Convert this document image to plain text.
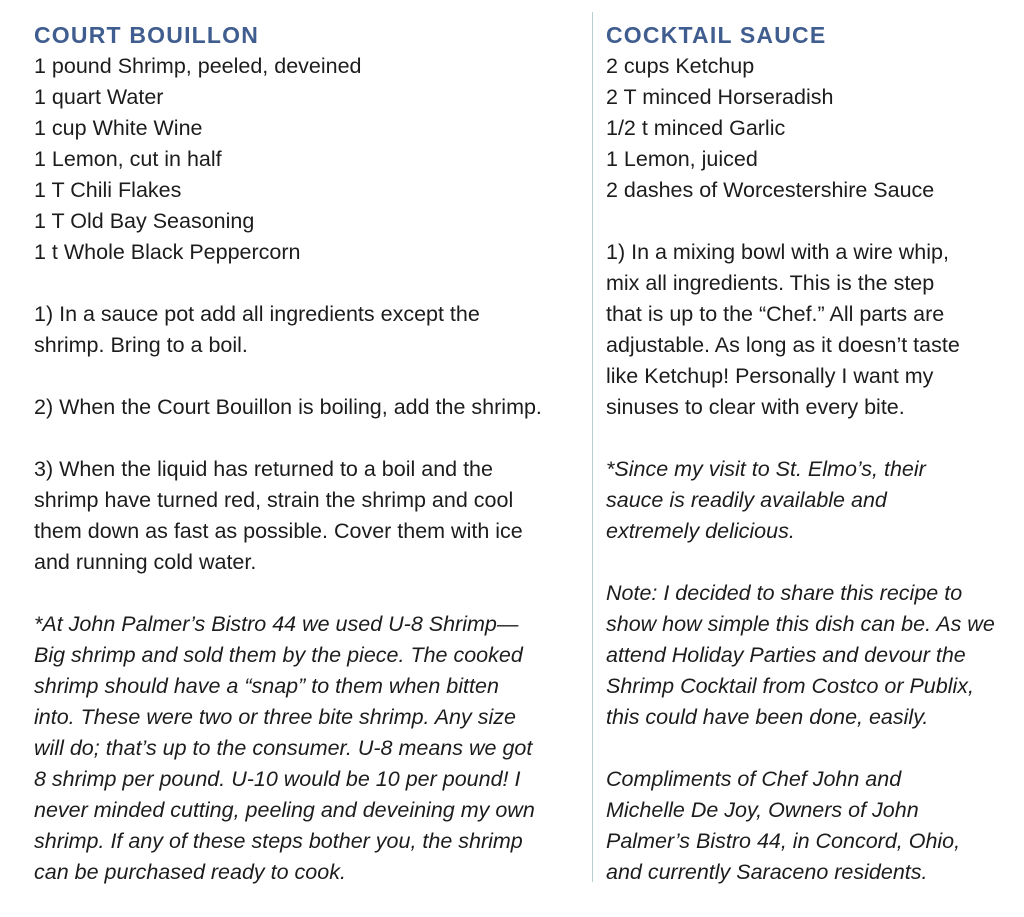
COURT BOUILLON
1 pound Shrimp, peeled, deveined
1 quart Water
1 cup White Wine
1 Lemon, cut in half
1 T Chili Flakes
1 T Old Bay Seasoning
1 t Whole Black Peppercorn
1) In a sauce pot add all ingredients except the
shrimp. Bring to a boil.
2) When the Court Bouillon is boiling, add the shrimp.
3) When the liquid has returned to a boil and the
shrimp have turned red, strain the shrimp and cool
them down as fast as possible. Cover them with ice
and running cold water.
*At John Palmer’s Bistro 44 we used U-8 Shrimp—
Big shrimp and sold them by the piece. The cooked
shrimp should have a “snap” to them when bitten
into. These were two or three bite shrimp. Any size
will do; that’s up to the consumer. U-8 means we got
8 shrimp per pound. U-10 would be 10 per pound! I
never minded cutting, peeling and deveining my own
shrimp. If any of these steps bother you, the shrimp
can be purchased ready to cook.
COCKTAIL SAUCE
2 cups Ketchup
2 T minced Horseradish
1/2 t minced Garlic
1 Lemon, juiced
2 dashes of Worcestershire Sauce
1) In a mixing bowl with a wire whip,
mix all ingredients. This is the step
that is up to the “Chef.” All parts are
adjustable. As long as it doesn’t taste
like Ketchup! Personally I want my
sinuses to clear with every bite.
*Since my visit to St. Elmo’s, their
sauce is readily available and
extremely delicious.
Note: I decided to share this recipe to
show how simple this dish can be. As we
attend Holiday Parties and devour the
Shrimp Cocktail from Costco or Publix,
this could have been done, easily.
Compliments of Chef John and
Michelle De Joy, Owners of John
Palmer’s Bistro 44, in Concord, Ohio,
and currently Saraceno residents.
